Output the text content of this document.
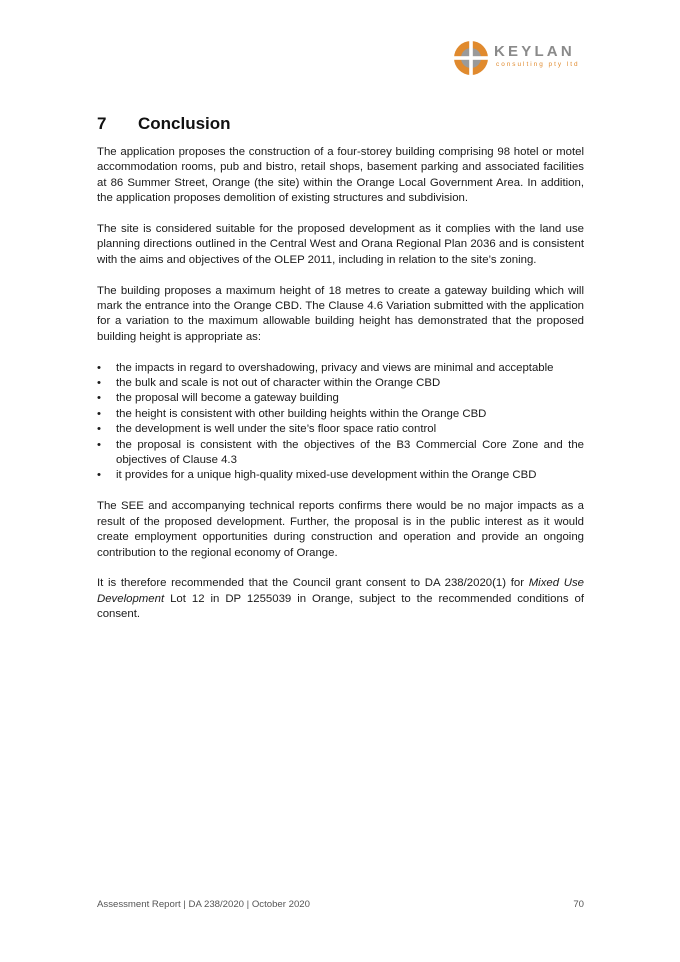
KEYLAN
consulting pty ltd
7 Conclusion

The application proposes the construction of a four-storey building comprising 98 hotel or motel accommodation rooms, pub and bistro, retail shops, basement parking and associated facilities at 86 Summer Street, Orange (the site) within the Orange Local Government Area. In addition, the application proposes demolition of existing structures and subdivision.

The site is considered suitable for the proposed development as it complies with the land use planning directions outlined in the Central West and Orana Regional Plan 2036 and is consistent with the aims and objectives of the OLEP 2011, including in relation to the site’s zoning.

The building proposes a maximum height of 18 metres to create a gateway building which will mark the entrance into the Orange CBD. The Clause 4.6 Variation submitted with the application for a variation to the maximum allowable building height has demonstrated that the proposed building height is appropriate as:

• the impacts in regard to overshadowing, privacy and views are minimal and acceptable
• the bulk and scale is not out of character within the Orange CBD
• the proposal will become a gateway building
• the height is consistent with other building heights within the Orange CBD
• the development is well under the site’s floor space ratio control
• the proposal is consistent with the objectives of the B3 Commercial Core Zone and the objectives of Clause 4.3
• it provides for a unique high-quality mixed-use development within the Orange CBD

The SEE and accompanying technical reports confirms there would be no major impacts as a result of the proposed development. Further, the proposal is in the public interest as it would create employment opportunities during construction and operation and provide an ongoing contribution to the regional economy of Orange.

It is therefore recommended that the Council grant consent to DA 238/2020(1) for Mixed Use Development Lot 12 in DP 1255039 in Orange, subject to the recommended conditions of consent.

Assessment Report | DA 238/2020 | October 2020	70
